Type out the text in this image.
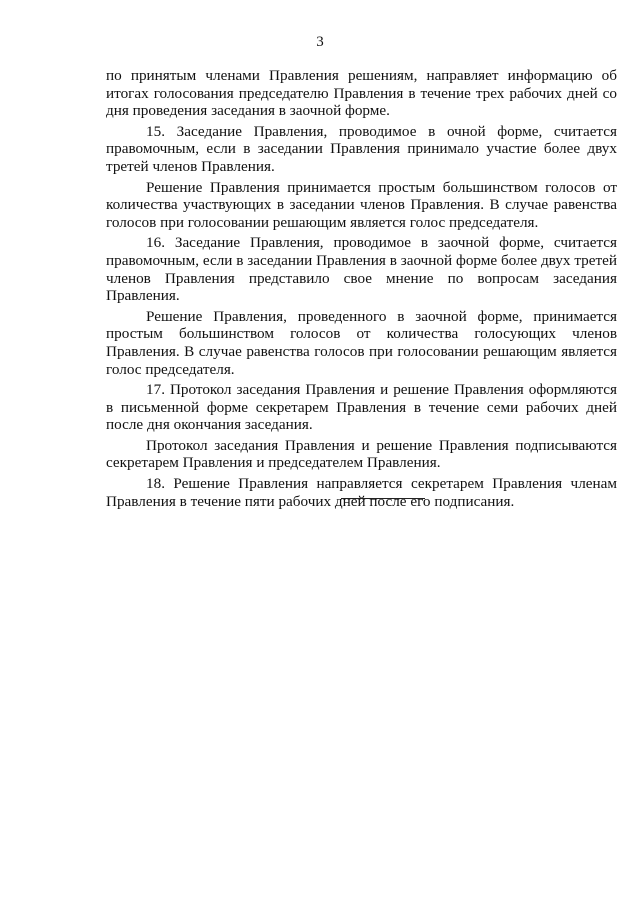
3

по принятым членами Правления решениям, направляет информацию об итогах голосования председателю Правления в течение трех рабочих дней со дня проведения заседания в заочной форме.

15. Заседание Правления, проводимое в очной форме, считается правомочным, если в заседании Правления принимало участие более двух третей членов Правления.

Решение Правления принимается простым большинством голосов от количества участвующих в заседании членов Правления. В случае равенства голосов при голосовании решающим является голос председателя.

16. Заседание Правления, проводимое в заочной форме, считается правомочным, если в заседании Правления в заочной форме более двух третей членов Правления представило свое мнение по вопросам заседания Правления.

Решение Правления, проведенного в заочной форме, принимается простым большинством голосов от количества голосующих членов Правления. В случае равенства голосов при голосовании решающим является голос председателя.

17. Протокол заседания Правления и решение Правления оформляются в письменной форме секретарем Правления в течение семи рабочих дней после дня окончания заседания.

Протокол заседания Правления и решение Правления подписываются секретарем Правления и председателем Правления.

18. Решение Правления направляется секретарем Правления членам Правления в течение пяти рабочих дней после его подписания.
